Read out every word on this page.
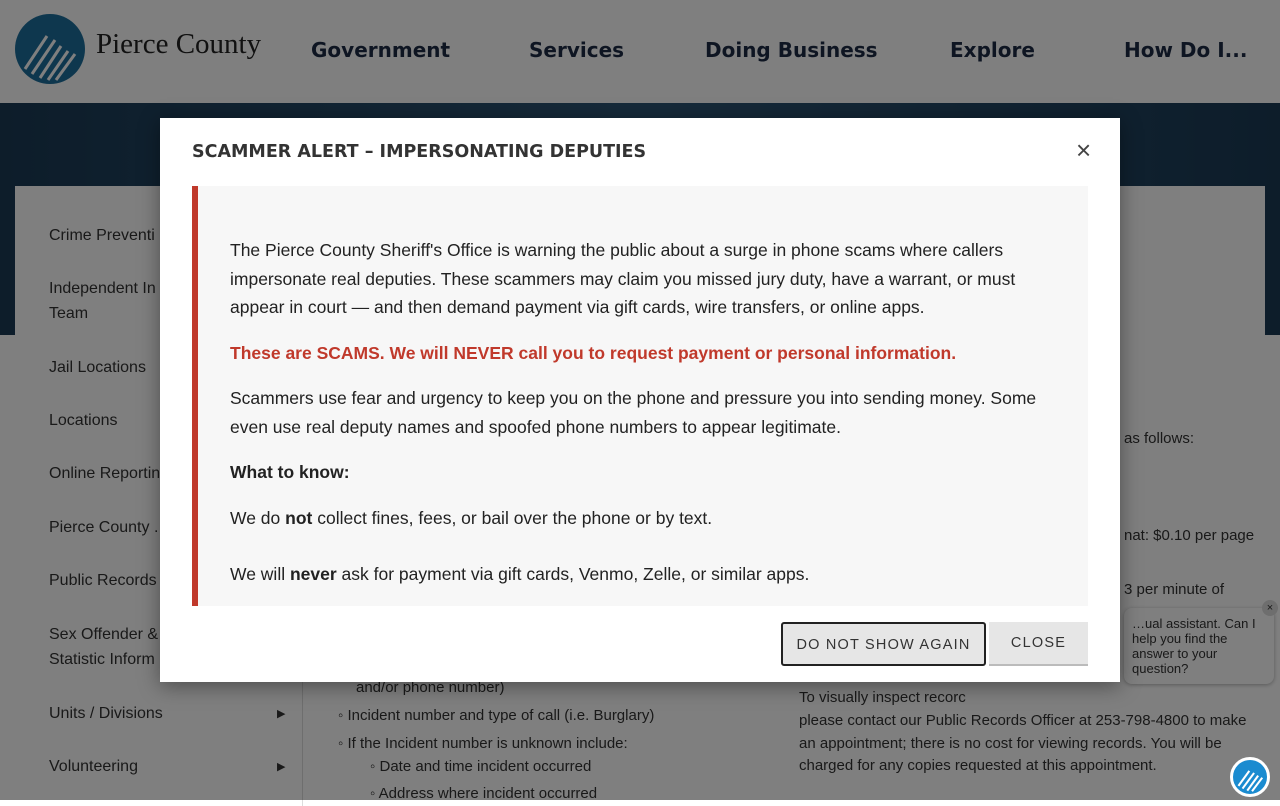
SCAMMER ALERT – IMPERSONATING DEPUTIES	×

The Pierce County Sheriff's Office is warning the public about a surge in phone scams where callers impersonate real deputies. These scammers may claim you missed jury duty, have a warrant, or must appear in court — and then demand payment via gift cards, wire transfers, or online apps.

These are SCAMS. We will NEVER call you to request payment or personal information.

Scammers use fear and urgency to keep you on the phone and pressure you into sending money. Some even use real deputy names and spoofed phone numbers to appear legitimate.

What to know:

We do not collect fines, fees, or bail over the phone or by text.

We will never ask for payment via gift cards, Venmo, Zelle, or similar apps.

DO NOT SHOW AGAIN	CLOSE
